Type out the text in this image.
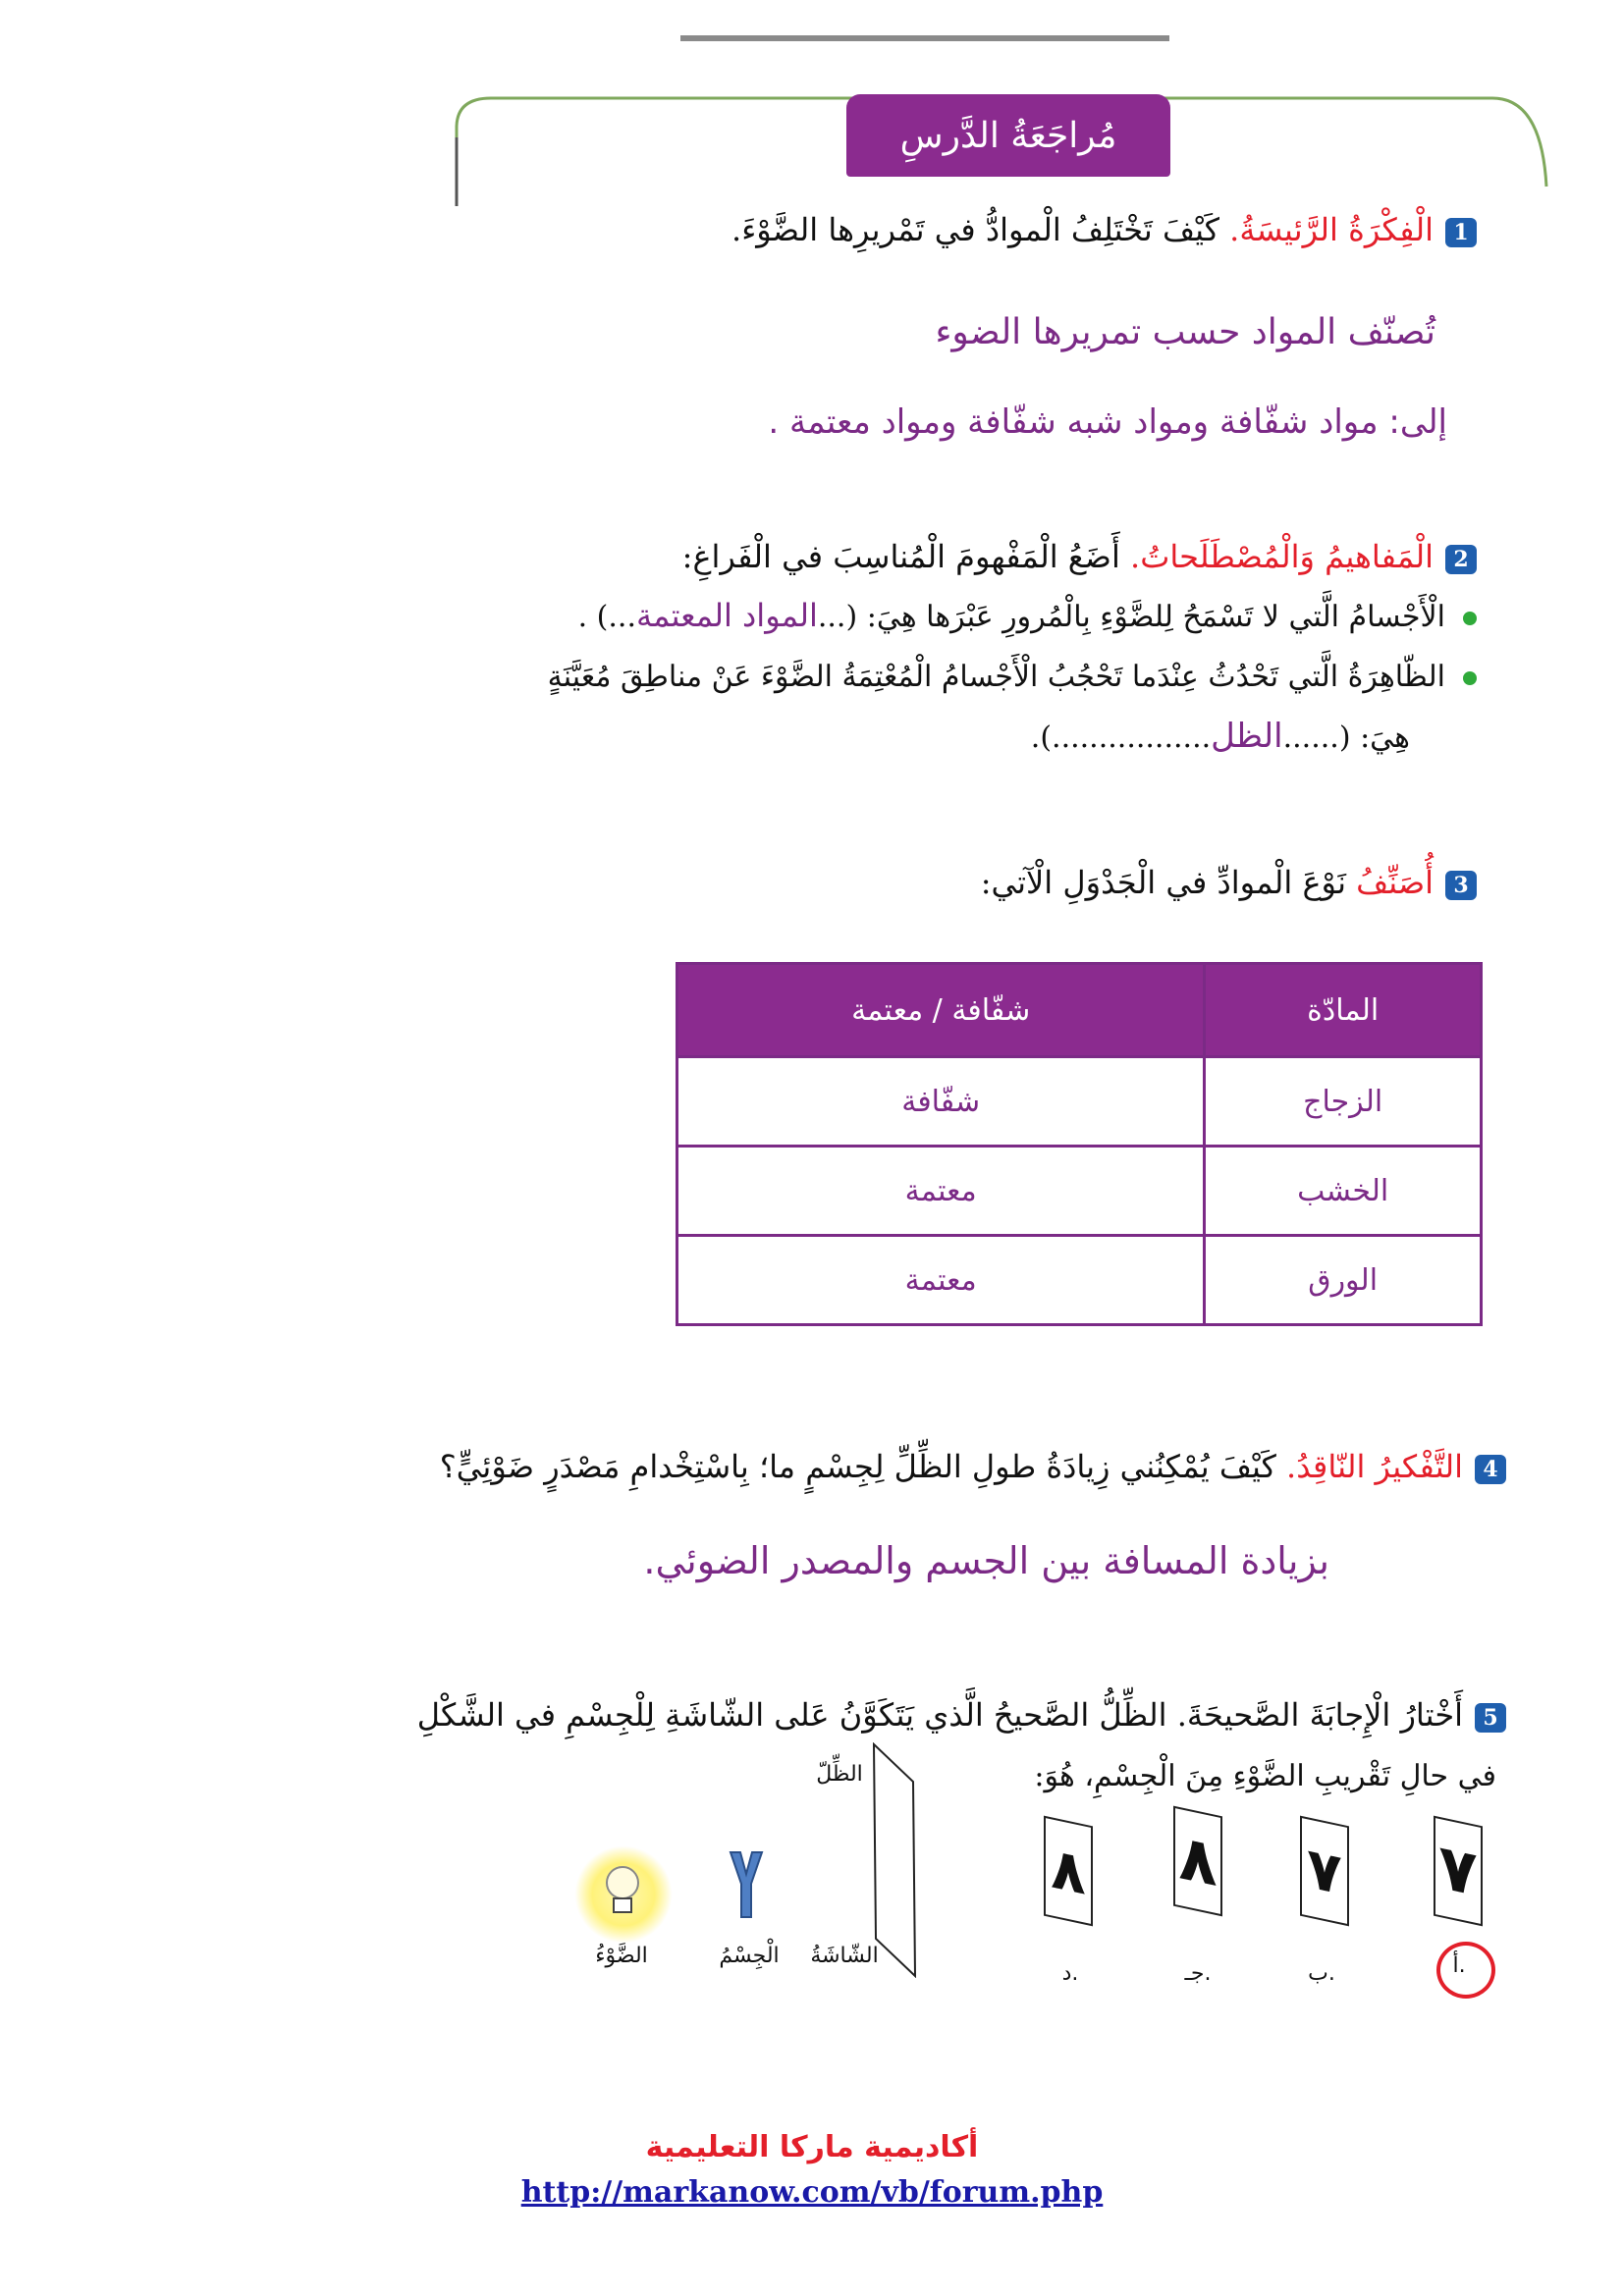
مُراجَعَةُ الدَّرسِ
1الْفِكْرَةُ الرَّئيسَةُ. كَيْفَ تَخْتَلِفُ الْموادُّ في تَمْريرِها الضَّوْءَ.
تُصنّف المواد حسب تمريرها الضوء
إلى: مواد شفّافة ومواد شبه شفّافة ومواد معتمة .
2الْمَفاهيمُ وَالْمُصْطَلَحاتُ. أَضَعُ الْمَفْهومَ الْمُناسِبَ في الْفَراغِ:
الْأَجْسامُ الَّتي لا تَسْمَحُ لِلضَّوْءِ بِالْمُرورِ عَبْرَها هِيَ: (...المواد المعتمة...) .
الظّاهِرَةُ الَّتي تَحْدُثُ عِنْدَما تَحْجُبُ الْأَجْسامُ الْمُعْتِمَةُ الضَّوْءَ عَنْ مناطِقَ مُعَيَّنَةٍ
هِيَ: (......الظل.................).
3أُصَنِّفُ نَوْعَ الْموادِّ في الْجَدْوَلِ الْآتي:
المادّة	شفّافة / معتمة
الزجاج	شفّافة
الخشب	معتمة
الورق	معتمة
4التَّفْكيرُ النّاقِدُ. كَيْفَ يُمْكِنُني زِيادَةُ طولِ الظِّلِّ لِجِسْمٍ ما؛ بِاسْتِخْدامِ مَصْدَرٍ ضَوْئِيٍّ؟
بزيادة المسافة بين الجسم والمصدر الضوئي.
5أَخْتارُ الْإِجابَةَ الصَّحيحَةَ. الظِّلُّ الصَّحيحُ الَّذي يَتَكَوَّنُ عَلى الشّاشَةِ لِلْجِسْمِ في الشَّكْلِ
في حالِ تَقْريبِ الضَّوْءِ مِنَ الْجِسْمِ، هُوَ:
الضَّوْءُ	الْجِسْمُ
الظِّلّ
الشّاشَةُ
٨
د.
٨
جـ.
٧
ب.
٧
أ.
أكاديمية ماركا التعليمية
http://markanow.com/vb/forum.php
